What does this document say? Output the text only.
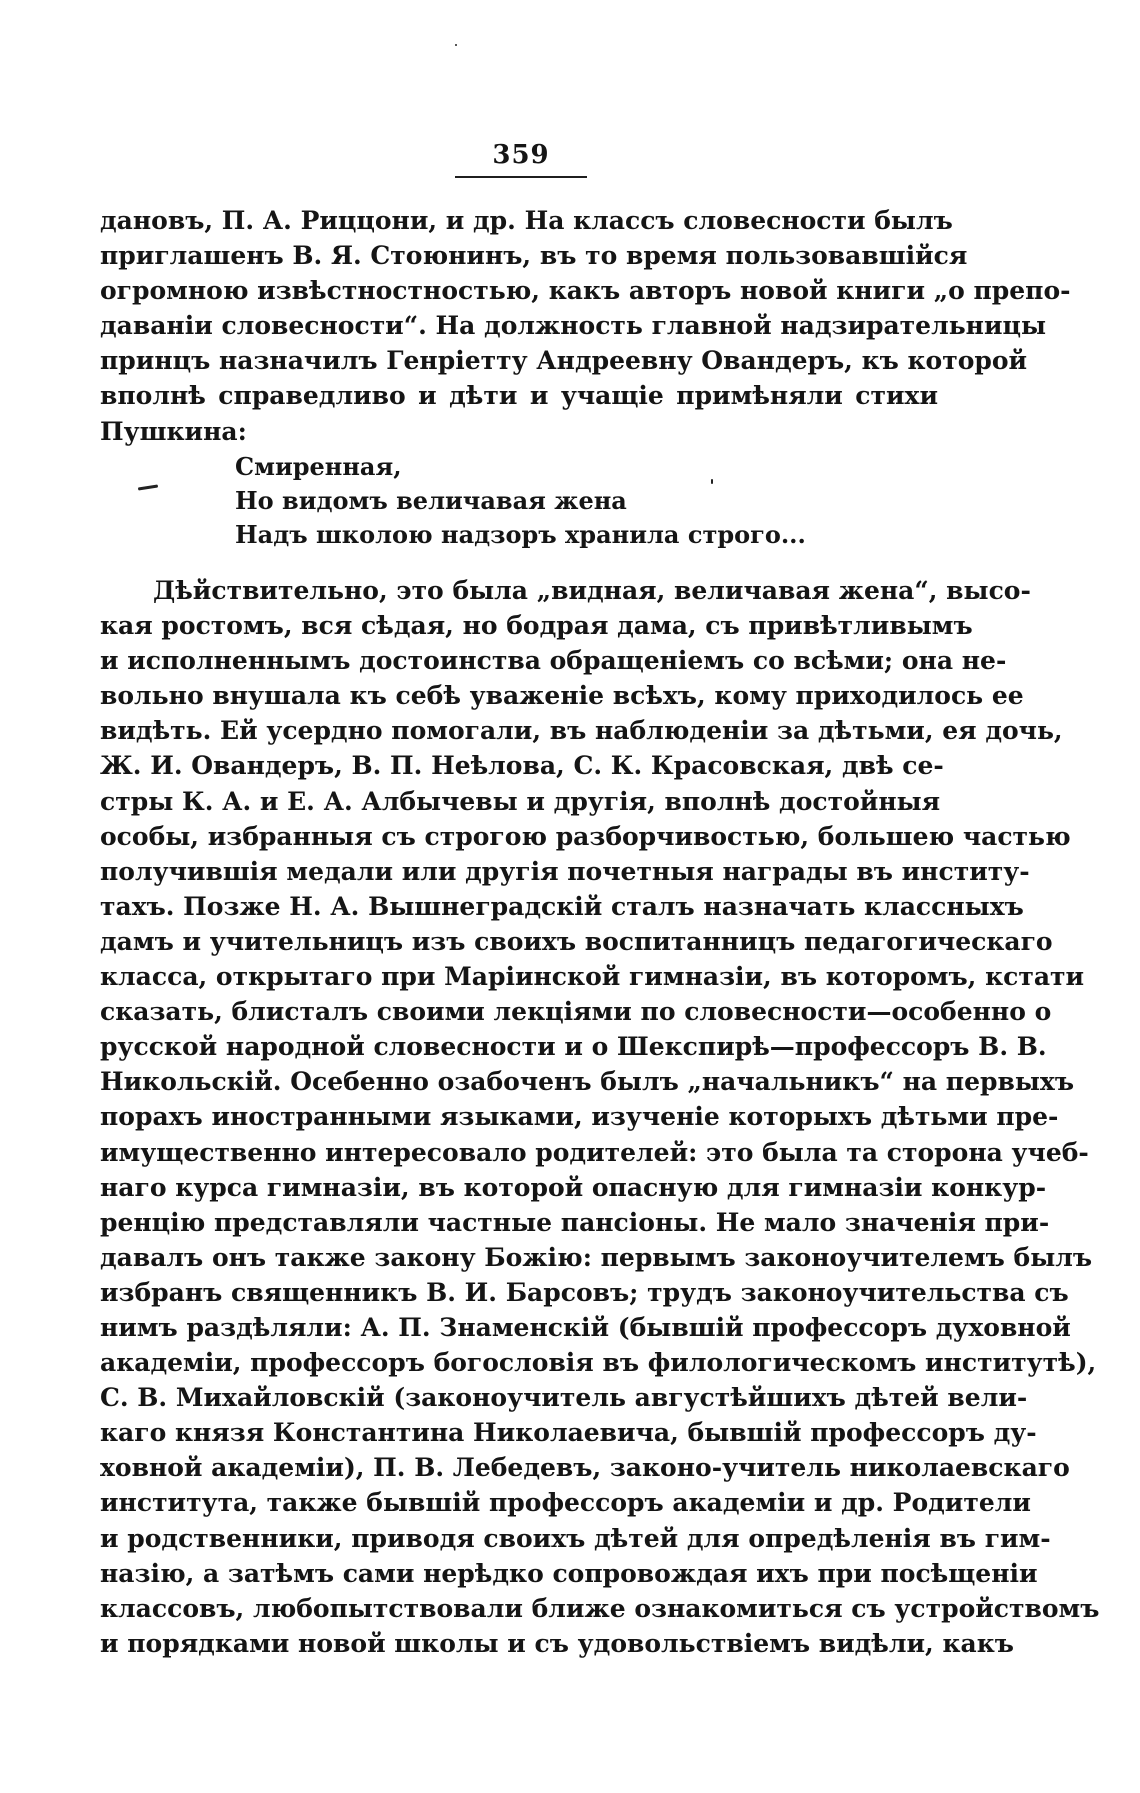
359
дановъ, П. А. Риццони, и др. На классъ словесности былъ
приглашенъ В. Я. Стоюнинъ, въ то время пользовавшійся
огромною извѣстностностью, какъ авторъ новой книги „о препо-
даваніи словесности“. На должность главной надзирательницы
принцъ назначилъ Генріетту Андреевну Овандеръ, къ которой
вполнѣ справедливо и дѣти и учащіе примѣняли стихи
Пушкина:
Смиренная,
Но видомъ величавая жена
Надъ школою надзоръ хранила строго...
Дѣйствительно, это была „видная, величавая жена“, высо-
кая ростомъ, вся сѣдая, но бодрая дама, съ привѣтливымъ
и исполненнымъ достоинства обращеніемъ со всѣми; она не-
вольно внушала къ себѣ уваженіе всѣхъ, кому приходилось ее
видѣть. Ей усердно помогали, въ наблюденіи за дѣтьми, ея дочь,
Ж. И. Овандеръ, В. П. Неѣлова, С. К. Красовская, двѣ се-
стры К. А. и Е. А. Албычевы и другія, вполнѣ достойныя
особы, избранныя съ строгою разборчивостью, большею частью
получившія медали или другія почетныя награды въ институ-
тахъ. Позже Н. А. Вышнеградскій сталъ назначать классныхъ
дамъ и учительницъ изъ своихъ воспитанницъ педагогическаго
класса, открытаго при Маріинской гимназіи, въ которомъ, кстати
сказать, блисталъ своими лекціями по словесности—особенно о
русской народной словесности и о Шекспирѣ—профессоръ В. В.
Никольскій. Осебенно озабоченъ былъ „начальникъ“ на первыхъ
порахъ иностранными языками, изученіе которыхъ дѣтьми пре-
имущественно интересовало родителей: это была та сторона учеб-
наго курса гимназіи, въ которой опасную для гимназіи конкур-
ренцію представляли частные пансіоны. Не мало значенія при-
давалъ онъ также закону Божію: первымъ законоучителемъ былъ
избранъ священникъ В. И. Барсовъ; трудъ законоучительства съ
нимъ раздѣляли: А. П. Знаменскій (бывшій профессоръ духовной
академіи, профессоръ богословія въ филологическомъ институтѣ),
С. В. Михайловскій (законоучитель августѣйшихъ дѣтей вели-
каго князя Константина Николаевича, бывшій профессоръ ду-
ховной академіи), П. В. Лебедевъ, законо-учитель николаевскаго
института, также бывшій профессоръ академіи и др. Родители
и родственники, приводя своихъ дѣтей для опредѣленія въ гим-
назію, а затѣмъ сами нерѣдко сопровождая ихъ при посѣщеніи
классовъ, любопытствовали ближе ознакомиться съ устройствомъ
и порядками новой школы и съ удовольствіемъ видѣли, какъ
